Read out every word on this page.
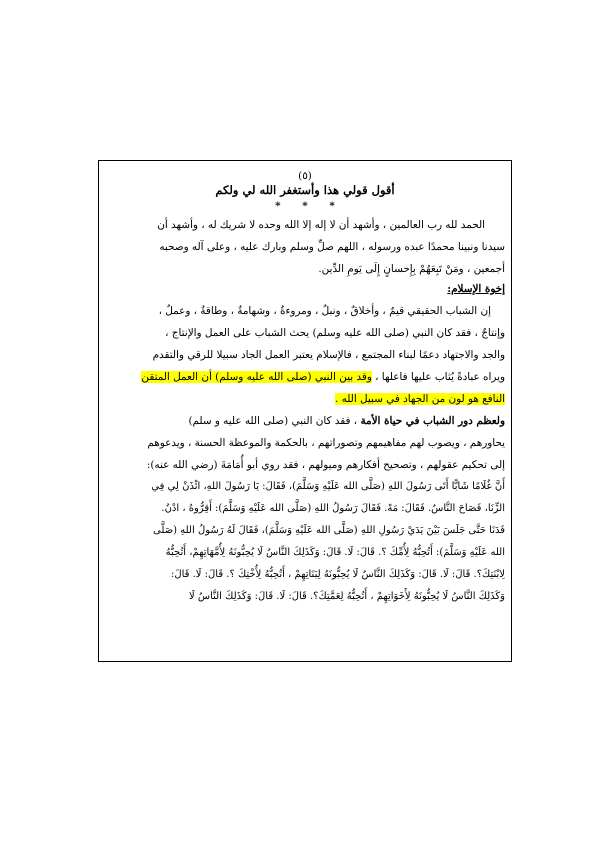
(٥)
أقول قولي هذا وأستغفر الله لي ولكم
*      *      *
الحمد لله رب العالمين ، وأشهد أن لا إله إلا الله وحده لا شريك له ، وأشهد أن
سيدنا ونبينا محمدًا عبده ورسوله ، اللهم صلِّ وسلم وبارك عليه ، وعلى آله وصحبه
أجمعين ، ومَنْ تَبِعَهُمْ بِإِحسانٍ إِلَى يَومِ الدِّين.
إخوة الإسلام:
إن الشباب الحقيقي قيمٌ ، وأخلاقٌ ، ونبلٌ ، ومروءةٌ ، وشهامةٌ ، وطاقةٌ ، وعملٌ ،
وإنتاجٌ ، فقد كان النبي (صلى الله عليه وسلم) يحث الشباب على العمل والإنتاج ،
والجد والاجتهاد دعمًا لبناء المجتمع ، فالإسلام يعتبر العمل الجاد سبيلا للرقي والتقدم
ويراه عبادةً يُثاب عليها فاعلها ، وقد بين النبي (صلى الله عليه وسلم) أن العمل المتقن
النافع هو لون من الجهاد في سبيل الله .
ولعظم دور الشباب في حياة الأمة ، فقد كان النبي (صلى الله عليه و سلم)
يحاورهم ، ويصوب لهم مفاهيمهم وتصوراتهم ، بالحكمة والموعظة الحسنة ، ويدعوهم
إلى تحكيم عقولهم ، وتصحيح أفكارهم وميولهم ، فقد روي أبو أُمَامَةَ (رضي الله عنه):
أَنَّ غُلَامًا شَابًّا أَتَى رَسُولَ اللهِ (صَلَّى الله عَلَيْهِ وَسَلَّمَ)، فَقَالَ: يَا رَسُولَ اللهِ، ائْذَنْ لِي فِي
الزِّنَا، فَصَاحَ النَّاسُ. فَقَالَ: مَهْ. فَقَالَ رَسُولُ اللهِ (صَلَّى الله عَلَيْهِ وَسَلَّمَ): أَقِرُّوهُ ، ادْنُ.
فَدَنَا حَتَّى جَلَسَ بَيْنَ يَدَيْ رَسُولِ اللهِ (صَلَّى الله عَلَيْهِ وَسَلَّمَ)، فَقَالَ لَهُ رَسُولُ اللهِ (صَلَّى
الله عَلَيْهِ وَسَلَّمَ): أَتُحِبُّهُ لِأُمِّكَ ؟. قَالَ: لَا. قَالَ: وَكَذَلِكَ النَّاسُ لَا يُحِبُّونَهُ لِأُمَّهَاتِهِمْ، أَتُحِبُّهُ
لِابْنَتِكَ؟. قَالَ: لَا. قَالَ: وَكَذَلِكَ النَّاسُ لَا يُحِبُّونَهُ لِبَنَاتِهِمْ ، أَتُحِبُّهُ لِأُخْتِكَ ؟. قَالَ: لَا. قَالَ:
وَكَذَلِكَ النَّاسُ لَا يُحِبُّونَهُ لِأَخَوَاتِهِمْ ، أَتُحِبُّهُ لِعَمَّتِكَ؟. قَالَ: لَا. قَالَ: وَكَذَلِكَ النَّاسُ لَا
